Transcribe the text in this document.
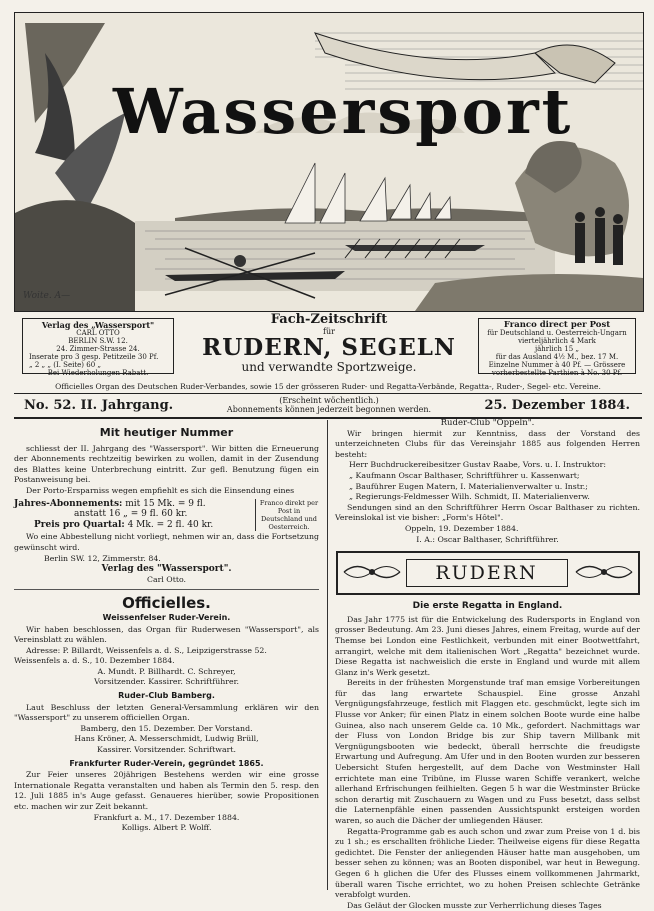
Wassersport
Woite. A—
Verlag des „Wassersport"
CARL OTTO
BERLIN S.W. 12.
24. Zimmer-Strasse 24.
Inserate pro 3 gesp. Petitzeile 30 Pf.
„ 2 „ „ (I. Seite) 60 „
Bei Wiederholungen Rabatt.
Fach-Zeitschrift
für
RUDERN, SEGELN
und verwandte Sportzweige.
Franco direct per Post
für Deutschland u. Oesterreich-Ungarn
vierteljährlich 4 Mark
jährlich 15 „
für das Ausland 4½ M., bez. 17 M.
Einzelne Nummer à 40 Pf. — Grössere
vorherbestellte Parthien à No. 30 Pf.
Officielles Organ des Deutschen Ruder-Verbandes, sowie 15 der grösseren Ruder- und Regatta-Verbände, Regatta-, Ruder-, Segel- etc. Vereine.
No. 52. II. Jahrgang.	(Erscheint wöchentlich.)
Abonnements können jederzeit begonnen werden.	25. Dezember 1884.
Mit heutiger Nummer

schliesst der II. Jahrgang des "Wassersport". Wir bitten die Erneuerung der Abonnements rechtzeitig bewirken zu wollen, damit in der Zusendung des Blattes keine Unterbrechung eintritt. Zur gefl. Benutzung fügen ein Postanweisung bei.

Der Porto-Ersparniss wegen empfiehlt es sich die Einsendung eines

Jahres-Abonnements: mit 15 Mk. = 9 fl.
anstatt 16 „ = 9 fl. 60 kr.
Preis pro Quartal: 4 Mk. = 2 fl. 40 kr.
Franco direkt per Post in Deutschland und Oesterreich.

Wo eine Abbestellung nicht vorliegt, nehmen wir an, dass die Fortsetzung gewünscht wird.

Berlin SW. 12, Zimmerstr. 84.
Verlag des "Wassersport".
Carl Otto.
Officielles.
Weissenfelser Ruder-Verein.

Wir haben beschlossen, das Organ für Ruderwesen "Wassersport", als Vereinsblatt zu wählen.

Adresse: P. Billardt, Weissenfels a. d. S., Leipzigerstrasse 52.
Weissenfels a. d. S., 10. Dezember 1884.
A. Mundt. P. Billhardt. C. Schreyer,
Vorsitzender. Kassirer. Schriftführer.
Ruder-Club Bamberg.

Laut Beschluss der letzten General-Versammlung erklären wir den "Wassersport" zu unserem officiellen Organ.

Bamberg, den 15. Dezember. Der Vorstand.
Hans Kröner, A. Messerschmidt, Ludwig Brüll,
Kassirer. Vorsitzender. Schriftwart.
Frankfurter Ruder-Verein, gegründet 1865.

Zur Feier unseres 20jährigen Bestehens werden wir eine grosse Internationale Regatta veranstalten und haben als Termin den 5. resp. den 12. Juli 1885 in's Auge gefasst. Genaueres hierüber, sowie Propositionen etc. machen wir zur Zeit bekannt.

Frankfurt a. M., 17. Dezember 1884.
Kolligs. Albert P. Wolff.
Ruder-Club "Oppeln".

Wir bringen hiermit zur Kenntniss, dass der Vorstand des unterzeichneten Clubs für das Vereinsjahr 1885 aus folgenden Herren besteht:

Herr Buchdruckereibesitzer Gustav Raabe, Vors. u. I. Instruktor:
„ Kaufmann Oscar Balthaser, Schriftführer u. Kassenwart;
„ Bauführer Eugen Matern, I. Materialienverwalter u. Instr.;
„ Regierungs-Feldmesser Wilh. Schmidt, II. Materialienverw.

Sendungen sind an den Schriftführer Herrn Oscar Balthaser zu richten. Vereinslokal ist vie bisher: „Form's Hôtel".

Oppeln, 19. Dezember 1884.
I. A.: Oscar Balthaser, Schriftführer.
RUDERN
Die erste Regatta in England.

Das Jahr 1775 ist für die Entwickelung des Rudersports in England von grosser Bedeutung. Am 23. Juni dieses Jahres, einem Freitag, wurde auf der Themse bei London eine Festlichkeit, verbunden mit einer Bootwettfahrt, arrangirt, welche mit dem italienischen Wort „Regatta" bezeichnet wurde. Diese Regatta ist nachweislich die erste in England und wurde mit allem Glanz in's Werk gesetzt.

Bereits in der frühesten Morgenstunde traf man emsige Vorbereitungen für das lang erwartete Schauspiel. Eine grosse Anzahl Vergnügungsfahrzeuge, festlich mit Flaggen etc. geschmückt, legte sich im Flusse vor Anker; für einen Platz in einem solchen Boote wurde eine halbe Guinea, also nach unserem Gelde ca. 10 Mk., gefordert. Nachmittags war der Fluss von London Bridge bis zur Ship tavern Millbank mit Vergnügungsbooten wie bedeckt, überall herrschte die freudigste Erwartung und Aufregung. Am Ufer und in den Booten wurden zur besseren Uebersicht Stufen hergestellt, auf dem Dache von Westminster Hall errichtete man eine Tribüne, im Flusse waren Schiffe verankert, welche allerhand Erfrischungen feilhielten. Gegen 5 h war die Westminster Brücke schon derartig mit Zuschauern zu Wagen und zu Fuss besetzt, dass selbst die Laternenpfähle einen passenden Aussichtspunkt ersteigen worden waren, so auch die Dächer der umliegenden Häuser.

Regatta-Programme gab es auch schon und zwar zum Preise von 1 d. bis zu 1 sh.; es erschallten fröhliche Lieder. Theilweise eigens für diese Regatta gedichtet. Die Fenster der anliegenden Häuser hatte man ausgehoben, um besser sehen zu können; was an Booten disponibel, war heut in Bewegung. Gegen 6 h glichen die Ufer des Flusses einem vollkommenen Jahrmarkt, überall waren Tische errichtet, wo zu hohen Preisen schlechte Getränke verabfolgt wurden.

Das Geläut der Glocken musste zur Verherrlichung dieses Tages
